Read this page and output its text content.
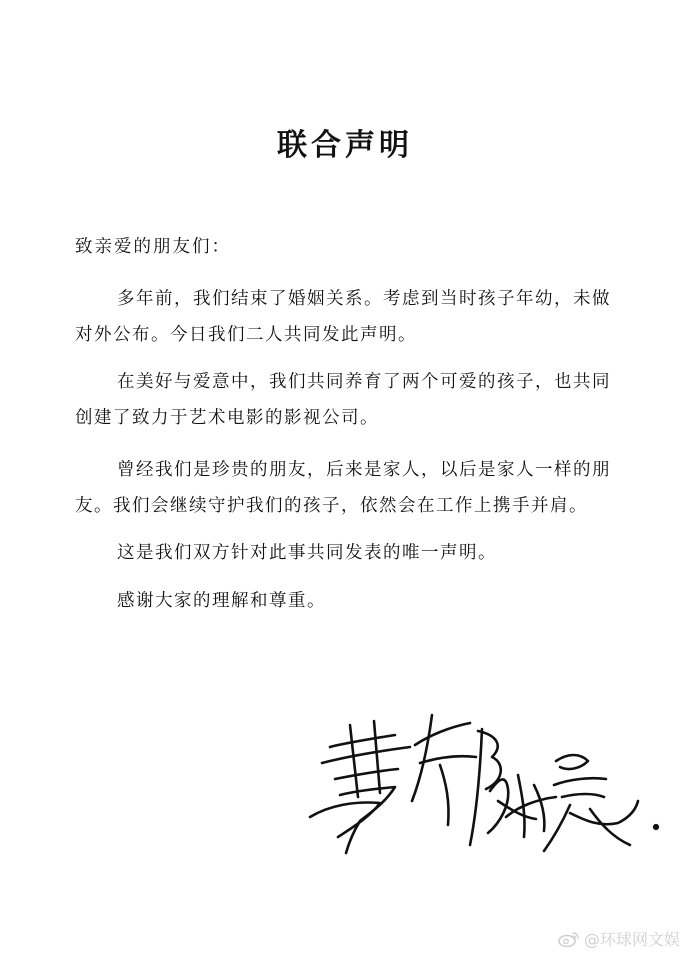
联合声明
致亲爱的朋友们：

多年前，我们结束了婚姻关系。考虑到当时孩子年幼，未做对外公布。今日我们二人共同发此声明。

在美好与爱意中，我们共同养育了两个可爱的孩子，也共同创建了致力于艺术电影的影视公司。

曾经我们是珍贵的朋友，后来是家人，以后是家人一样的朋友。我们会继续守护我们的孩子，依然会在工作上携手并肩。

这是我们双方针对此事共同发表的唯一声明。

感谢大家的理解和尊重。

@环球网文娱
